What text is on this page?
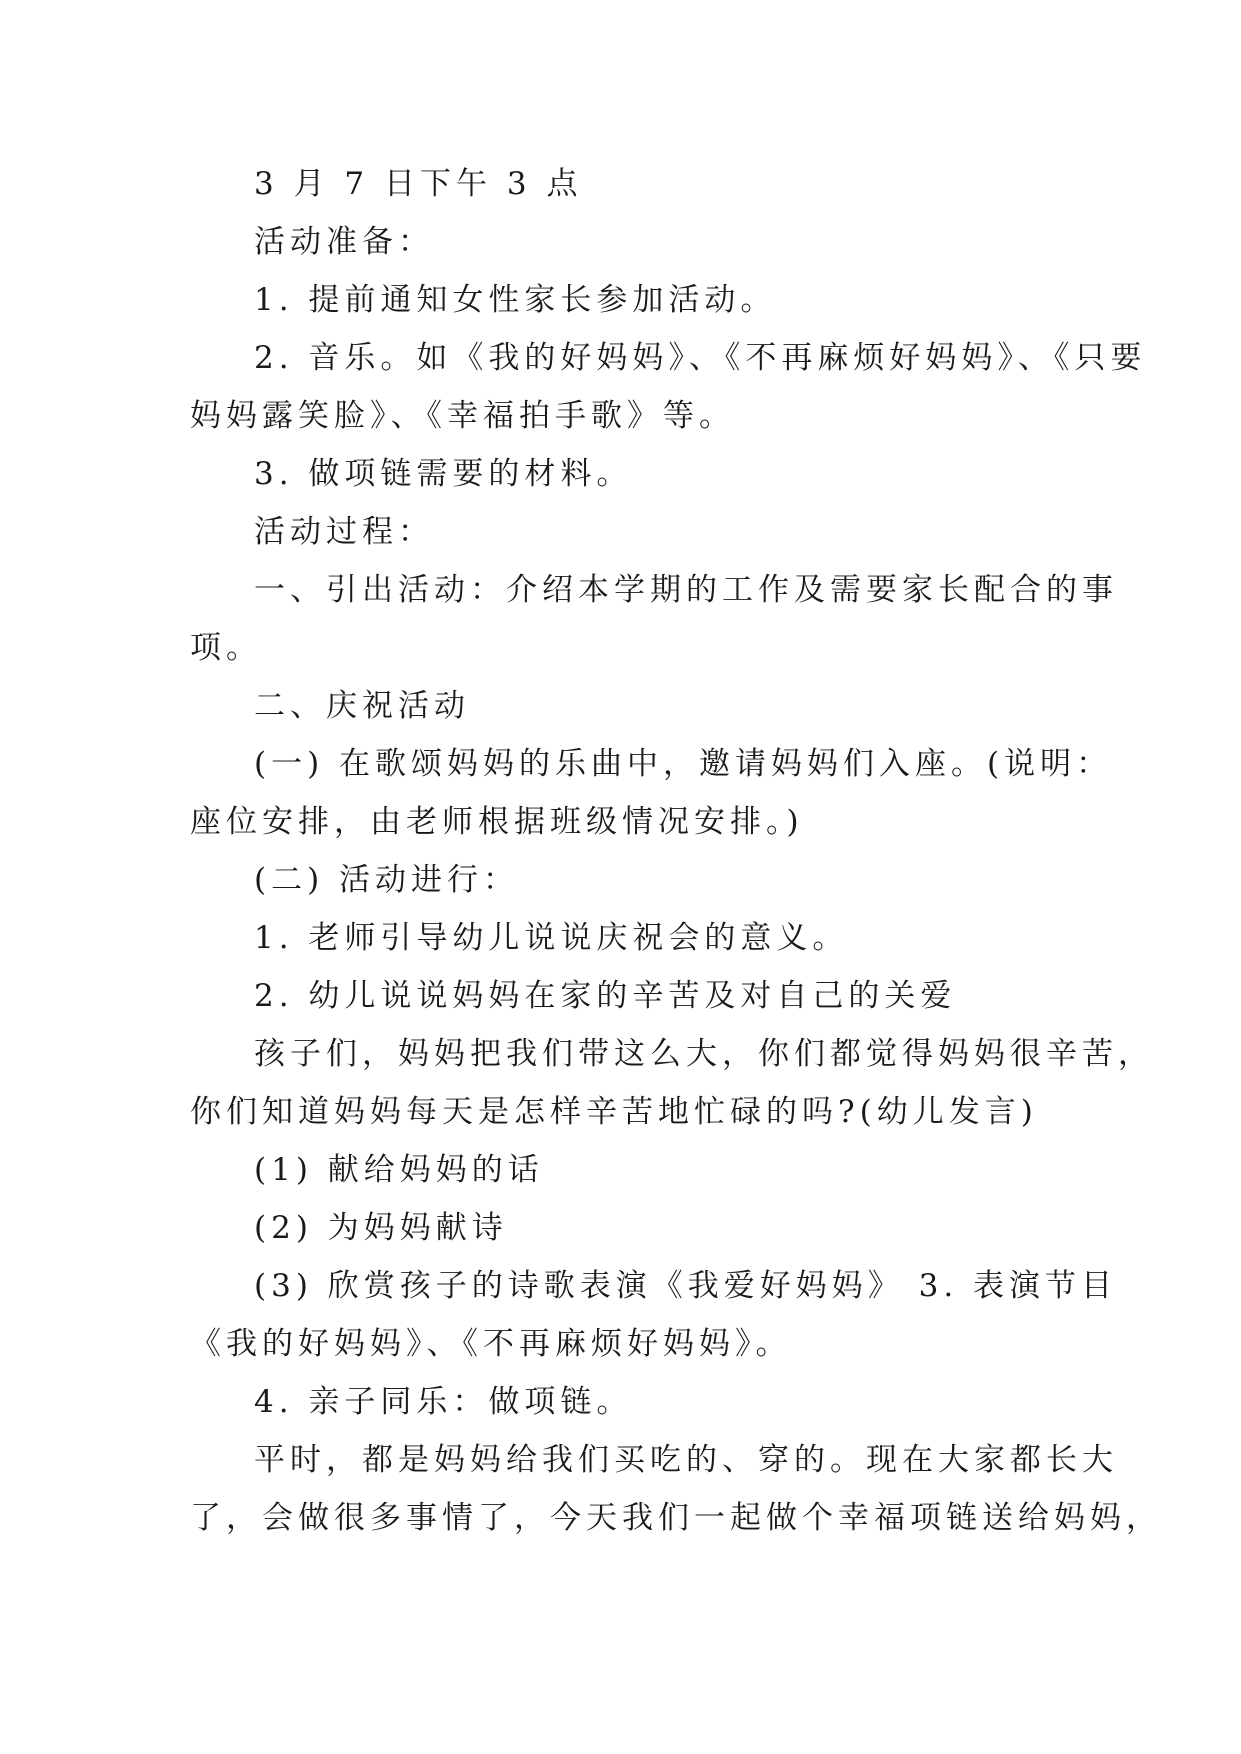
3 月 7 日下午 3 点

活动准备：

1. 提前通知女性家长参加活动。

2. 音乐。如《我的好妈妈》、《不再麻烦好妈妈》、《只要

妈妈露笑脸》、《幸福拍手歌》等。

3. 做项链需要的材料。

活动过程：

一、引出活动：介绍本学期的工作及需要家长配合的事

项。

二、庆祝活动

(一) 在歌颂妈妈的乐曲中，邀请妈妈们入座。(说明：

座位安排，由老师根据班级情况安排。)

(二) 活动进行：

1. 老师引导幼儿说说庆祝会的意义。

2. 幼儿说说妈妈在家的辛苦及对自己的关爱

孩子们，妈妈把我们带这么大，你们都觉得妈妈很辛苦，

你们知道妈妈每天是怎样辛苦地忙碌的吗?(幼儿发言)

(1) 献给妈妈的话

(2) 为妈妈献诗

(3) 欣赏孩子的诗歌表演《我爱好妈妈》 3. 表演节目

《我的好妈妈》、《不再麻烦好妈妈》。

4. 亲子同乐：做项链。

平时，都是妈妈给我们买吃的、穿的。现在大家都长大

了，会做很多事情了，今天我们一起做个幸福项链送给妈妈，
